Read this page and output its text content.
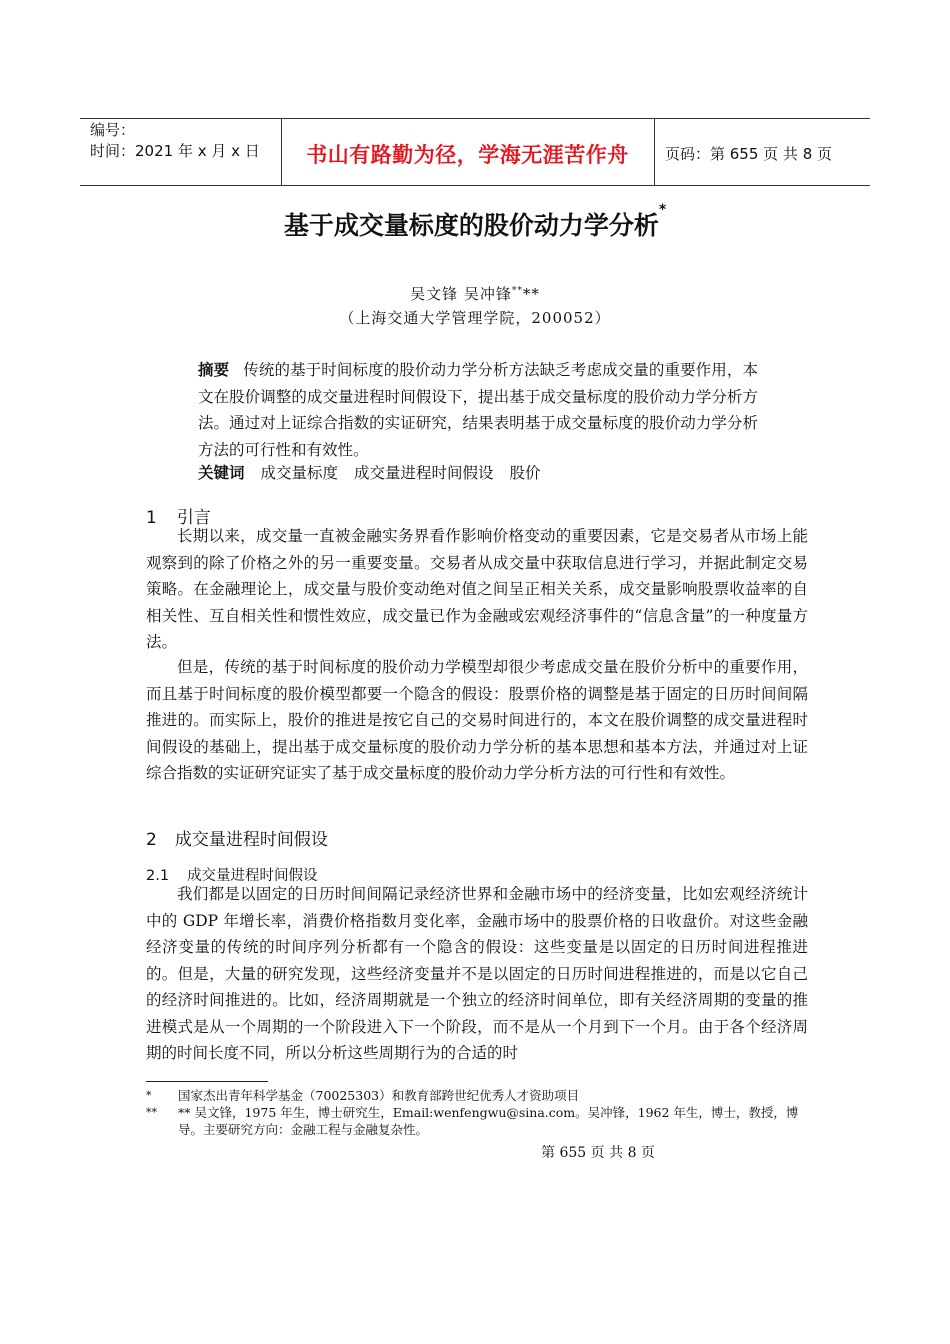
编号：
时间：2021 年 x 月 x 日	书山有路勤为径，学海无涯苦作舟	页码：第 655 页 共 8 页
基于成交量标度的股价动力学分析*
吴文锋 吴冲锋****
（上海交通大学管理学院，200052）
摘要 传统的基于时间标度的股价动力学分析方法缺乏考虑成交量的重要作用，本文在股价调整的成交量进程时间假设下，提出基于成交量标度的股价动力学分析方法。通过对上证综合指数的实证研究，结果表明基于成交量标度的股价动力学分析方法的可行性和有效性。
关键词 成交量标度 成交量进程时间假设 股价
1 引言
长期以来，成交量一直被金融实务界看作影响价格变动的重要因素，它是交易者从市场上能观察到的除了价格之外的另一重要变量。交易者从成交量中获取信息进行学习，并据此制定交易策略。在金融理论上，成交量与股价变动绝对值之间呈正相关关系，成交量影响股票收益率的自相关性、互自相关性和惯性效应，成交量已作为金融或宏观经济事件的“信息含量”的一种度量方法。
但是，传统的基于时间标度的股价动力学模型却很少考虑成交量在股价分析中的重要作用，而且基于时间标度的股价模型都要一个隐含的假设：股票价格的调整是基于固定的日历时间间隔推进的。而实际上，股价的推进是按它自己的交易时间进行的，本文在股价调整的成交量进程时间假设的基础上，提出基于成交量标度的股价动力学分析的基本思想和基本方法，并通过对上证综合指数的实证研究证实了基于成交量标度的股价动力学分析方法的可行性和有效性。
2 成交量进程时间假设
2.1 成交量进程时间假设
我们都是以固定的日历时间间隔记录经济世界和金融市场中的经济变量，比如宏观经济统计中的 GDP 年增长率，消费价格指数月变化率，金融市场中的股票价格的日收盘价。对这些金融经济变量的传统的时间序列分析都有一个隐含的假设：这些变量是以固定的日历时间进程推进的。但是，大量的研究发现，这些经济变量并不是以固定的日历时间进程推进的，而是以它自己的经济时间推进的。比如，经济周期就是一个独立的经济时间单位，即有关经济周期的变量的推进模式是从一个周期的一个阶段进入下一个阶段，而不是从一个月到下一个月。由于各个经济周期的时间长度不同，所以分析这些周期行为的合适的时
* 国家杰出青年科学基金（70025303）和教育部跨世纪优秀人才资助项目
**	** 吴文锋，1975 年生，博士研究生，Email:wenfengwu@sina.com。吴冲锋，1962 年生，博士，教授，博导。主要研究方向：金融工程与金融复杂性。
第 655 页 共 8 页
